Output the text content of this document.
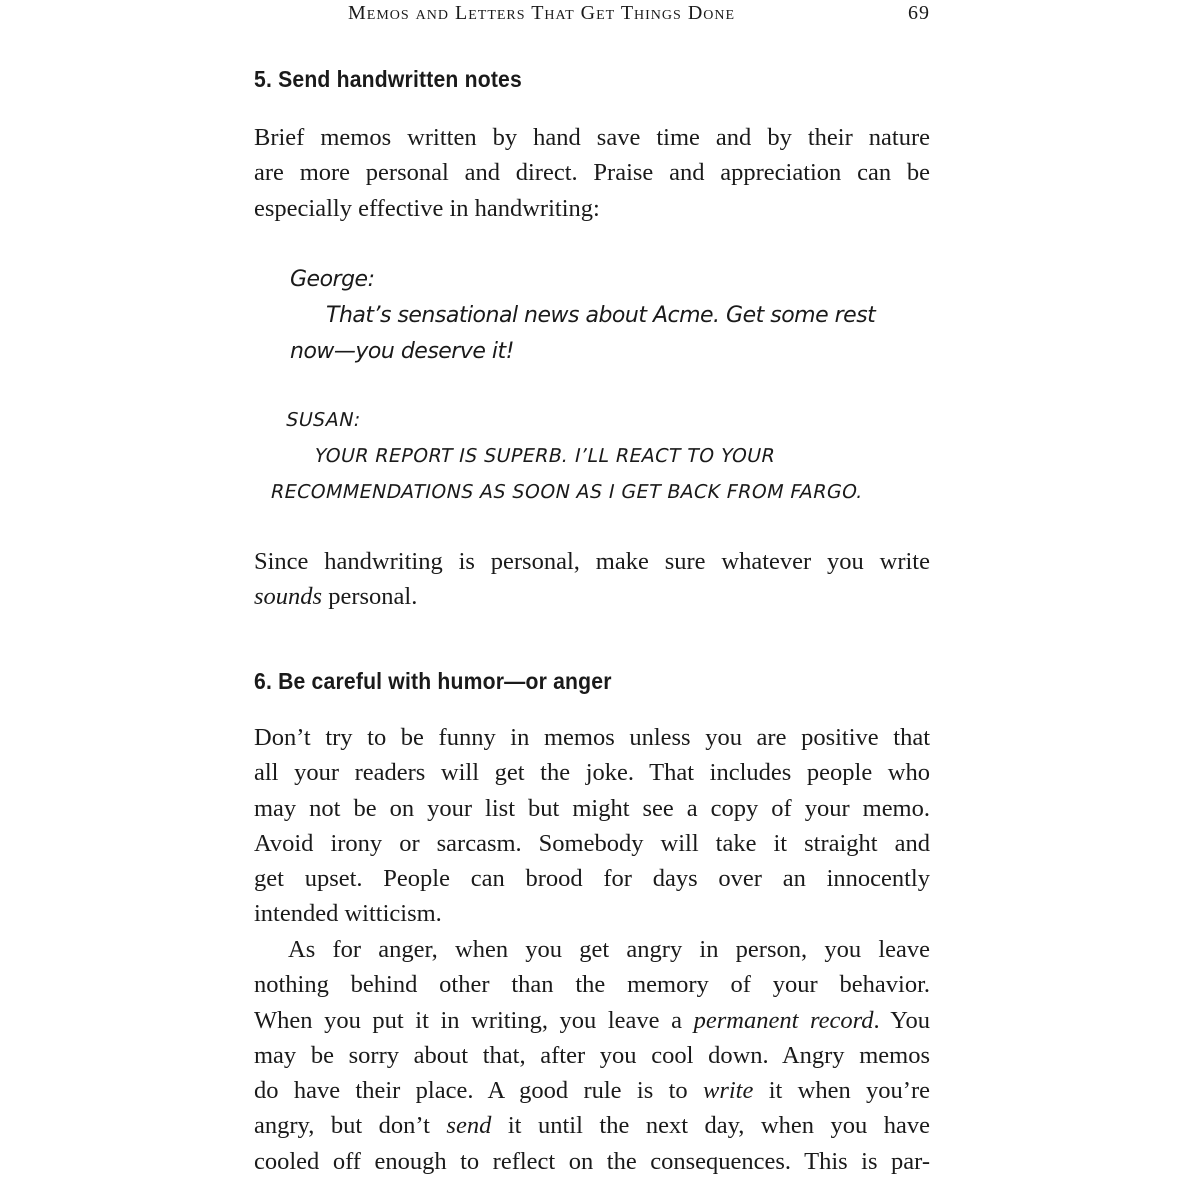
Memos and Letters That Get Things Done	69
5. Send handwritten notes

Brief memos written by hand save time and by their nature
are more personal and direct. Praise and appreciation can be
especially effective in handwriting:

George:
That’s sensational news about Acme. Get some rest
now—you deserve it!
SUSAN:
YOUR REPORT IS SUPERB. I’LL REACT TO YOUR
RECOMMENDATIONS AS SOON AS I GET BACK FROM FARGO.

Since handwriting is personal, make sure whatever you write
sounds personal.

6. Be careful with humor—or anger

Don’t try to be funny in memos unless you are positive that
all your readers will get the joke. That includes people who
may not be on your list but might see a copy of your memo.
Avoid irony or sarcasm. Somebody will take it straight and
get upset. People can brood for days over an innocently
intended witticism.

As for anger, when you get angry in person, you leave
nothing behind other than the memory of your behavior.
When you put it in writing, you leave a permanent record. You
may be sorry about that, after you cool down. Angry memos
do have their place. A good rule is to write it when you’re
angry, but don’t send it until the next day, when you have
cooled off enough to reflect on the consequences. This is par-
